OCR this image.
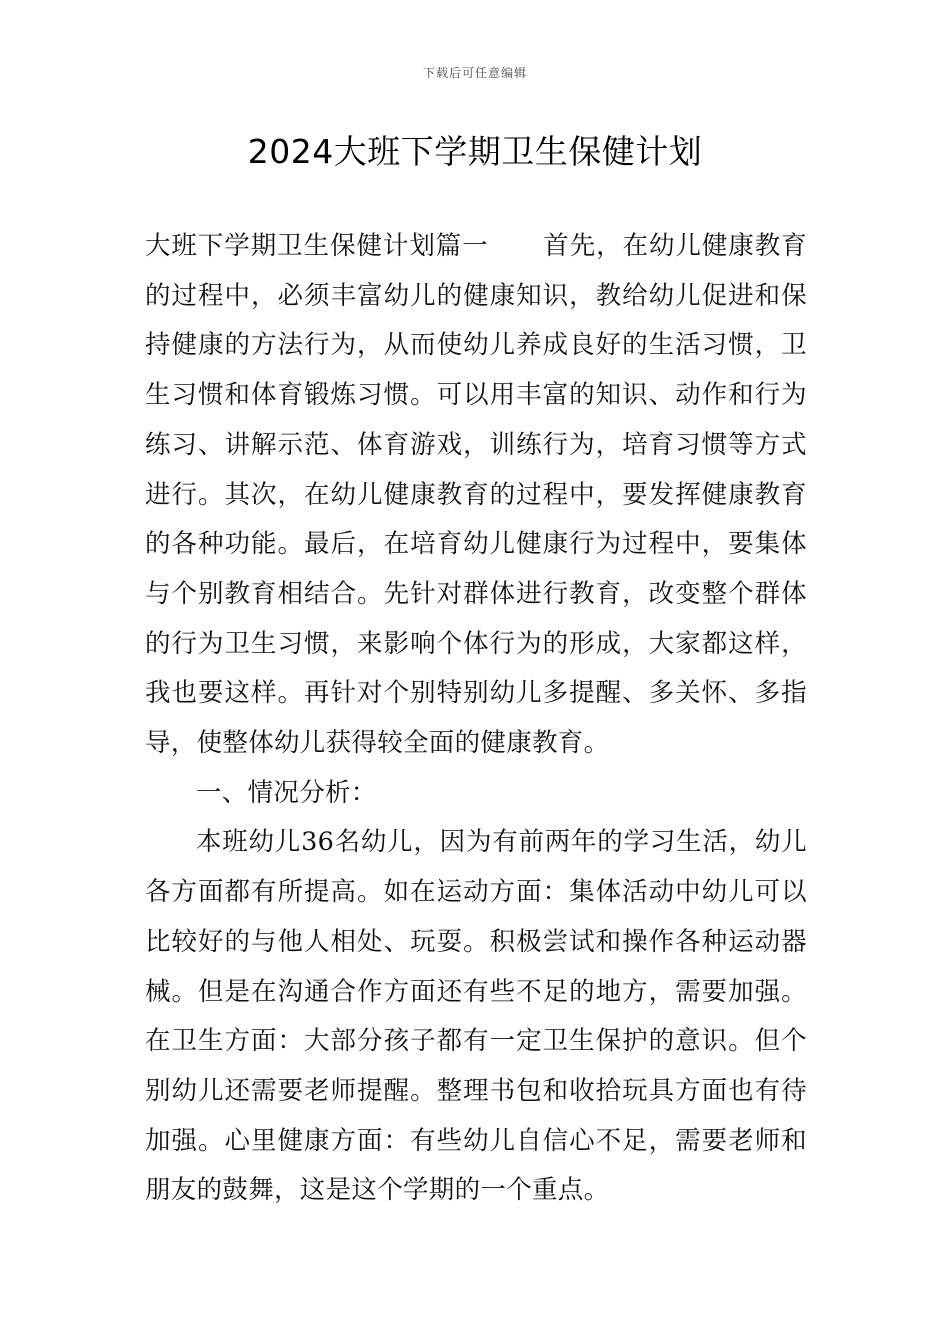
下载后可任意编辑
2024大班下学期卫生保健计划

大班下学期卫生保健计划篇一 首先，在幼儿健康教育的过程中，必须丰富幼儿的健康知识，教给幼儿促进和保持健康的方法行为，从而使幼儿养成良好的生活习惯，卫生习惯和体育锻炼习惯。可以用丰富的知识、动作和行为练习、讲解示范、体育游戏，训练行为，培育习惯等方式进行。其次，在幼儿健康教育的过程中，要发挥健康教育的各种功能。最后，在培育幼儿健康行为过程中，要集体与个别教育相结合。先针对群体进行教育，改变整个群体的行为卫生习惯，来影响个体行为的形成，大家都这样，我也要这样。再针对个别特别幼儿多提醒、多关怀、多指导，使整体幼儿获得较全面的健康教育。

一、情况分析：

本班幼儿36名幼儿，因为有前两年的学习生活，幼儿各方面都有所提高。如在运动方面：集体活动中幼儿可以比较好的与他人相处、玩耍。积极尝试和操作各种运动器械。但是在沟通合作方面还有些不足的地方，需要加强。在卫生方面：大部分孩子都有一定卫生保护的意识。但个别幼儿还需要老师提醒。整理书包和收拾玩具方面也有待加强。心里健康方面：有些幼儿自信心不足，需要老师和朋友的鼓舞，这是这个学期的一个重点。
